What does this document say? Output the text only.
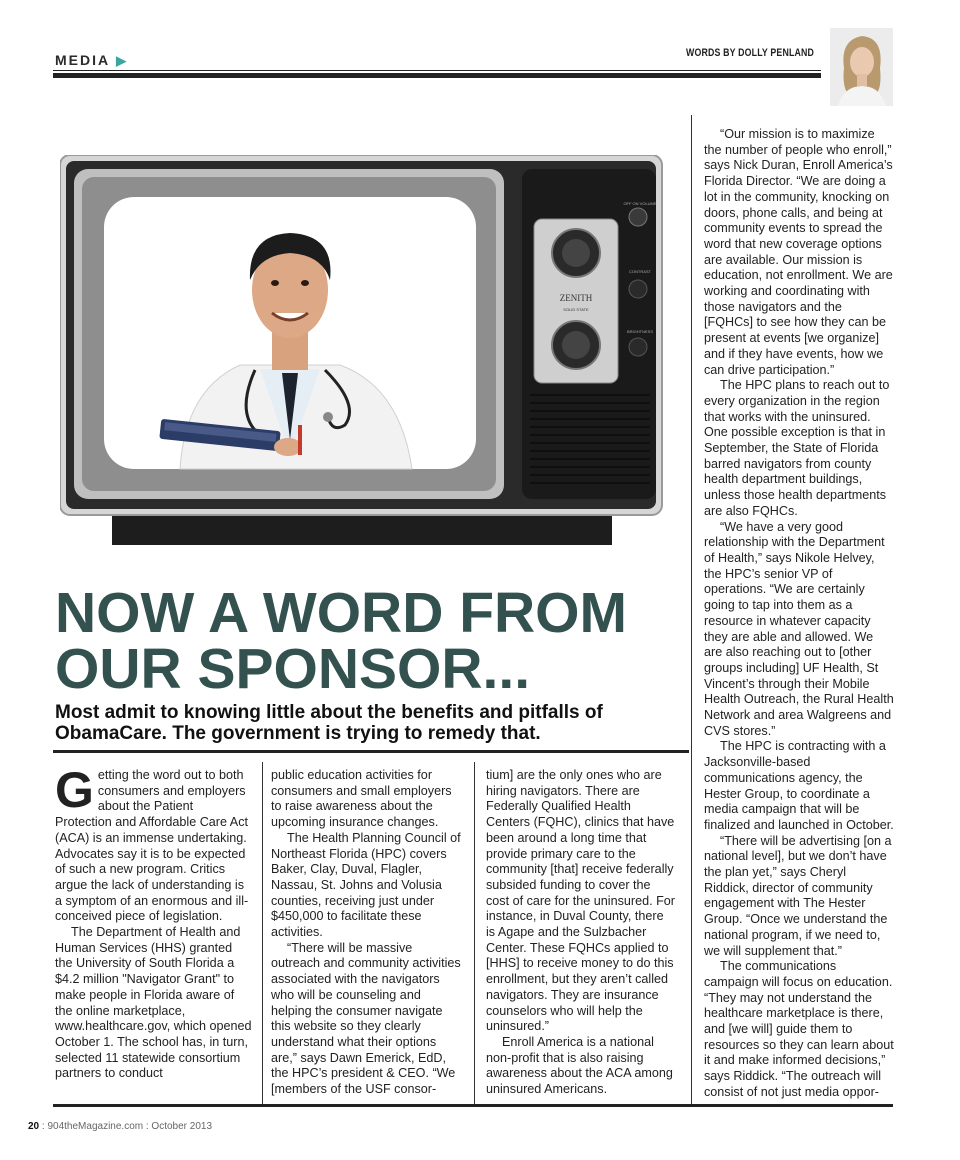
MEDIA ▶	WORDS BY DOLLY PENLAND
ZENITH
SOLID STATE
OFF ON VOLUME
CONTRAST
BRIGHTNESS
NOW A WORD FROM
OUR SPONSOR...
Most admit to knowing little about the benefits and pitfalls of ObamaCare. The government is trying to remedy that.

Getting the word out to both consumers and employers about the Patient Protection and Affordable Care Act (ACA) is an immense undertaking. Advocates say it is to be expected of such a new program. Critics argue the lack of understanding is a symptom of an enormous and ill-conceived piece of legislation.

The Department of Health and Human Services (HHS) granted the University of South Florida a $4.2 million "Navigator Grant" to make people in Florida aware of the online marketplace, www.healthcare.gov, which opened October 1. The school has, in turn, selected 11 statewide consortium partners to conduct

public education activities for consumers and small employers to raise awareness about the upcoming insurance changes.

The Health Planning Council of Northeast Florida (HPC) covers Baker, Clay, Duval, Flagler, Nassau, St. Johns and Volusia counties, receiving just under $450,000 to facilitate these activities.

“There will be massive outreach and community activities associated with the navigators who will be counseling and helping the consumer navigate this website so they clearly understand what their options are,” says Dawn Emerick, EdD, the HPC’s president & CEO. “We [members of the USF consor-

tium] are the only ones who are hiring navigators. There are Federally Qualified Health Centers (FQHC), clinics that have been around a long time that provide primary care to the community [that] receive federally subsided funding to cover the cost of care for the uninsured. For instance, in Duval County, there is Agape and the Sulzbacher Center. These FQHCs applied to [HHS] to receive money to do this enrollment, but they aren’t called navigators. They are insurance counselors who will help the uninsured.”

Enroll America is a national non-profit that is also raising awareness about the ACA among uninsured Americans.

“Our mission is to maximize the number of people who enroll,” says Nick Duran, Enroll America’s Florida Director. “We are doing a lot in the community, knocking on doors, phone calls, and being at community events to spread the word that new coverage options are available. Our mission is education, not enrollment. We are working and coordinating with those navigators and the [FQHCs] to see how they can be present at events [we organize] and if they have events, how we can drive participation.”

The HPC plans to reach out to every organization in the region that works with the uninsured. One possible exception is that in September, the State of Florida barred navigators from county health department buildings, unless those health departments are also FQHCs.

“We have a very good relationship with the Department of Health,” says Nikole Helvey, the HPC’s senior VP of operations. “We are certainly going to tap into them as a resource in whatever capacity they are able and allowed. We are also reaching out to [other groups including] UF Health, St Vincent’s through their Mobile Health Outreach, the Rural Health Network and area Walgreens and CVS stores.”

The HPC is contracting with a Jacksonville-based communications agency, the Hester Group, to coordinate a media campaign that will be finalized and launched in October.

“There will be advertising [on a national level], but we don’t have the plan yet,” says Cheryl Riddick, director of community engagement with The Hester Group. “Once we understand the national program, if we need to, we will supplement that.”

The communications campaign will focus on education. “They may not understand the healthcare marketplace is there, and [we will] guide them to resources so they can learn about it and make informed decisions,” says Riddick. “The outreach will consist of not just media oppor-

20 : 904theMagazine.com : October 2013
